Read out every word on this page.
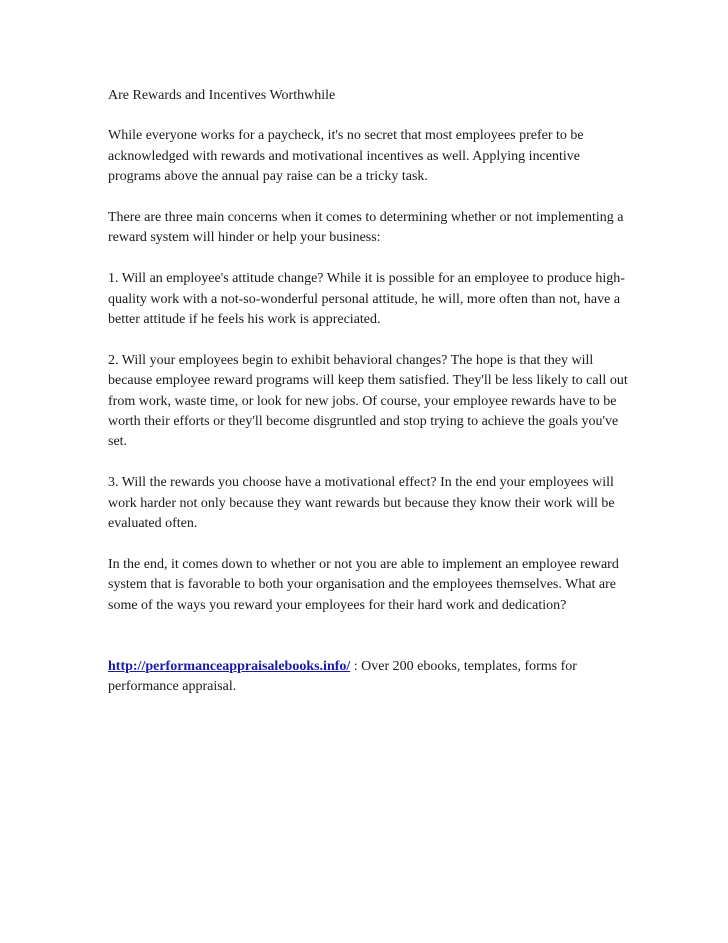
Are Rewards and Incentives Worthwhile

While everyone works for a paycheck, it's no secret that most employees prefer to be acknowledged with rewards and motivational incentives as well. Applying incentive programs above the annual pay raise can be a tricky task.

There are three main concerns when it comes to determining whether or not implementing a reward system will hinder or help your business:

1. Will an employee's attitude change? While it is possible for an employee to produce high-quality work with a not-so-wonderful personal attitude, he will, more often than not, have a better attitude if he feels his work is appreciated.

2. Will your employees begin to exhibit behavioral changes? The hope is that they will because employee reward programs will keep them satisfied. They'll be less likely to call out from work, waste time, or look for new jobs. Of course, your employee rewards have to be worth their efforts or they'll become disgruntled and stop trying to achieve the goals you've set.

3. Will the rewards you choose have a motivational effect? In the end your employees will work harder not only because they want rewards but because they know their work will be evaluated often.

In the end, it comes down to whether or not you are able to implement an employee reward system that is favorable to both your organisation and the employees themselves. What are some of the ways you reward your employees for their hard work and dedication?

http://performanceappraisalebooks.info/ : Over 200 ebooks, templates, forms for performance appraisal.
